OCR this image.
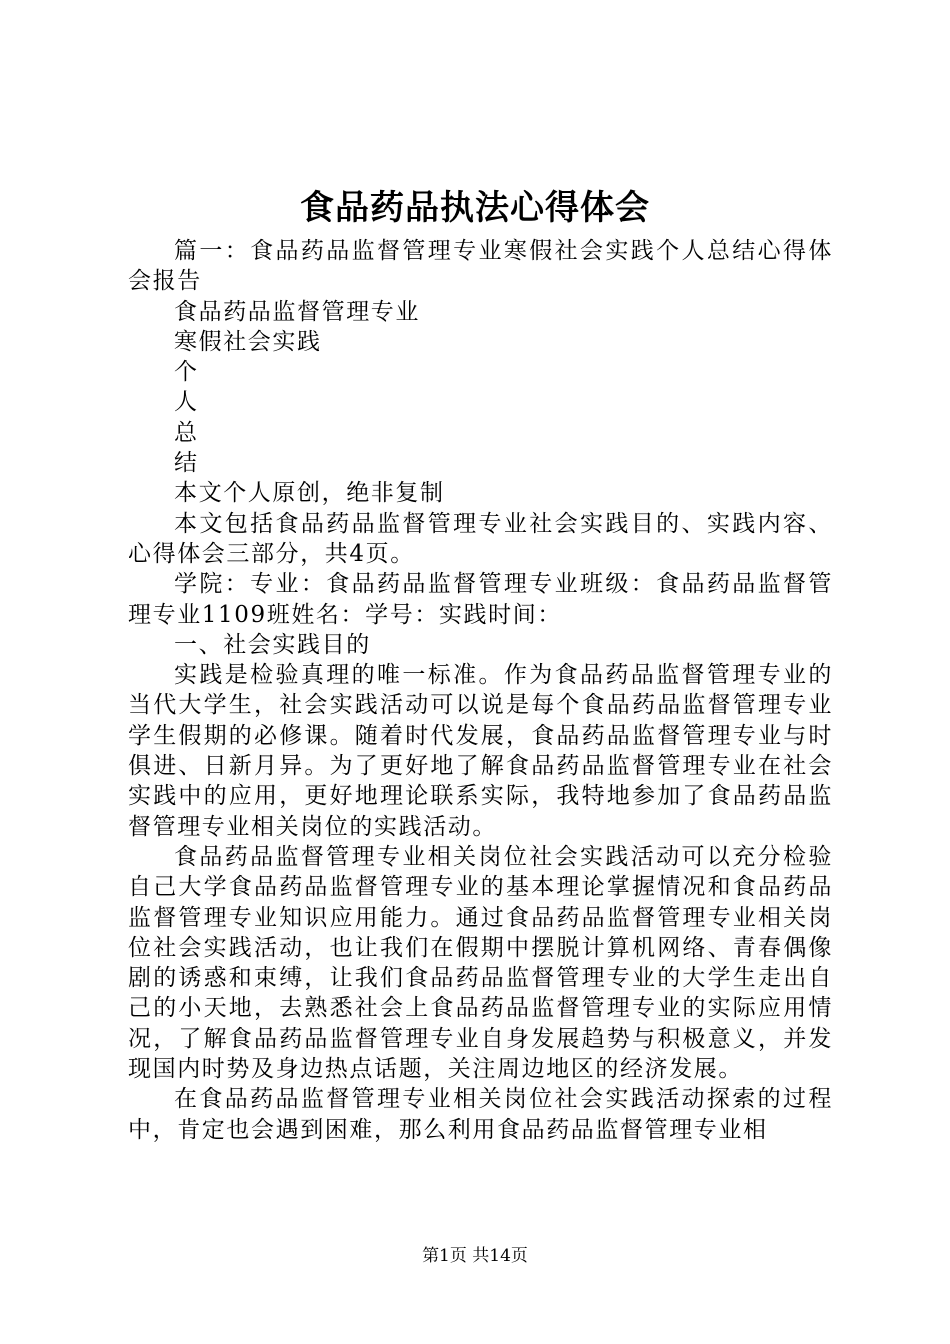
食品药品执法心得体会

篇一：食品药品监督管理专业寒假社会实践个人总结心得体会报告

食品药品监督管理专业

寒假社会实践

个

人

总

结

本文个人原创，绝非复制

本文包括食品药品监督管理专业社会实践目的、实践内容、心得体会三部分，共4页。

学院：专业：食品药品监督管理专业班级：食品药品监督管理专业1109班姓名：学号：实践时间：

一、社会实践目的

实践是检验真理的唯一标准。作为食品药品监督管理专业的当代大学生，社会实践活动可以说是每个食品药品监督管理专业学生假期的必修课。随着时代发展，食品药品监督管理专业与时俱进、日新月异。为了更好地了解食品药品监督管理专业在社会实践中的应用，更好地理论联系实际，我特地参加了食品药品监督管理专业相关岗位的实践活动。

食品药品监督管理专业相关岗位社会实践活动可以充分检验自己大学食品药品监督管理专业的基本理论掌握情况和食品药品监督管理专业知识应用能力。通过食品药品监督管理专业相关岗位社会实践活动，也让我们在假期中摆脱计算机网络、青春偶像剧的诱惑和束缚，让我们食品药品监督管理专业的大学生走出自己的小天地，去熟悉社会上食品药品监督管理专业的实际应用情况，了解食品药品监督管理专业自身发展趋势与积极意义，并发现国内时势及身边热点话题，关注周边地区的经济发展。

在食品药品监督管理专业相关岗位社会实践活动探索的过程中，肯定也会遇到困难，那么利用食品药品监督管理专业相

第1页 共14页
